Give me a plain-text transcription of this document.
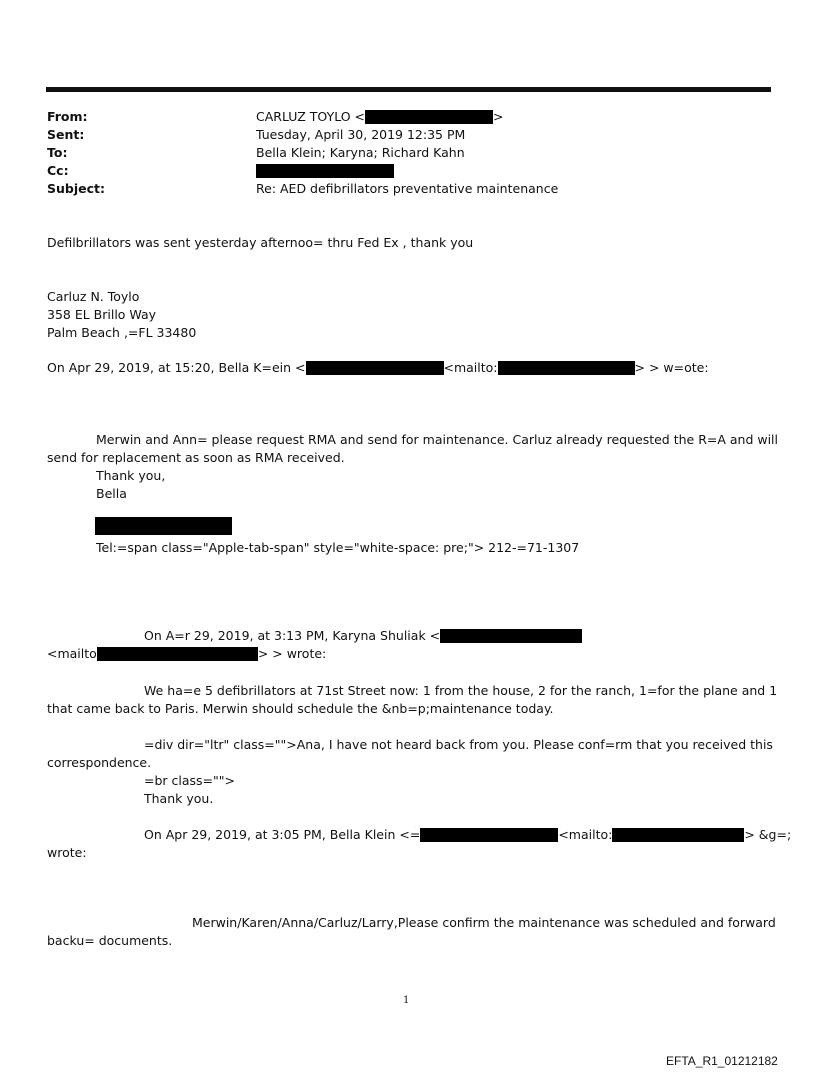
From:	CARLUZ TOYLO <	>
Sent:	Tuesday, April 30, 2019 12:35 PM
To:	Bella Klein; Karyna; Richard Kahn
Cc:
Subject:	Re: AED defibrillators preventative maintenance
Defilbrillators was sent yesterday afternoo= thru Fed Ex , thank you
Carluz N. Toylo
358 EL Brillo Way
Palm Beach ,=FL 33480
On Apr 29, 2019, at 15:20, Bella K=ein <	<mailto:	> > w=ote:
Merwin and Ann= please request RMA and send for maintenance. Carluz already requested the R=A and will
send for replacement as soon as RMA received.
Thank you,
Bella
Tel:=span class="Apple-tab-span" style="white-space: pre;"> 212-=71-1307
On A=r 29, 2019, at 3:13 PM, Karyna Shuliak <
<mailto	> > wrote:
We ha=e 5 defibrillators at 71st Street now: 1 from the house, 2 for the ranch, 1=for the plane and 1
that came back to Paris. Merwin should schedule the &nb=p;maintenance today.
=div dir="ltr" class="">Ana, I have not heard back from you. Please conf=rm that you received this
correspondence.
=br class="">
Thank you.
On Apr 29, 2019, at 3:05 PM, Bella Klein <=	<mailto:	> &g=;
wrote:
Merwin/Karen/Anna/Carluz/Larry,Please confirm the maintenance was scheduled and forward
backu= documents.
1
EFTA_R1_01212182
